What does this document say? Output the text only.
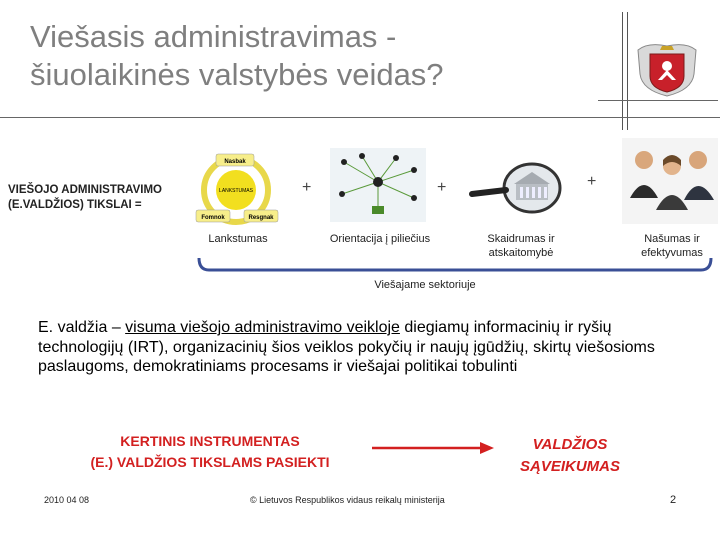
Viešasis administravimas -
šiuolaikinės valstybės veidas?
VIEŠOJO ADMINISTRAVIMO (E.VALDŽIOS) TIKSLAI =
Nasbak
LANKSTUMAS
Fomnok	Resgnak
+	+	+
Lankstumas	Orientacija į piliečius	Skaidrumas ir atskaitomybė
Našumas ir efektyvumas
Viešajame sektoriuje
E. valdžia – visuma viešojo administravimo veikloje diegiamų informacinių ir ryšių technologijų (IRT), organizacinių šios veiklos pokyčių ir naujų įgūdžių, skirtų viešosioms paslaugoms, demokratiniams procesams ir viešajai politikai tobulinti
KERTINIS INSTRUMENTAS
(E.) VALDŽIOS TIKSLAMS PASIEKTI
VALDŽIOS
SĄVEIKUMAS
2010 04 08	© Lietuvos Respublikos vidaus reikalų ministerija	2
